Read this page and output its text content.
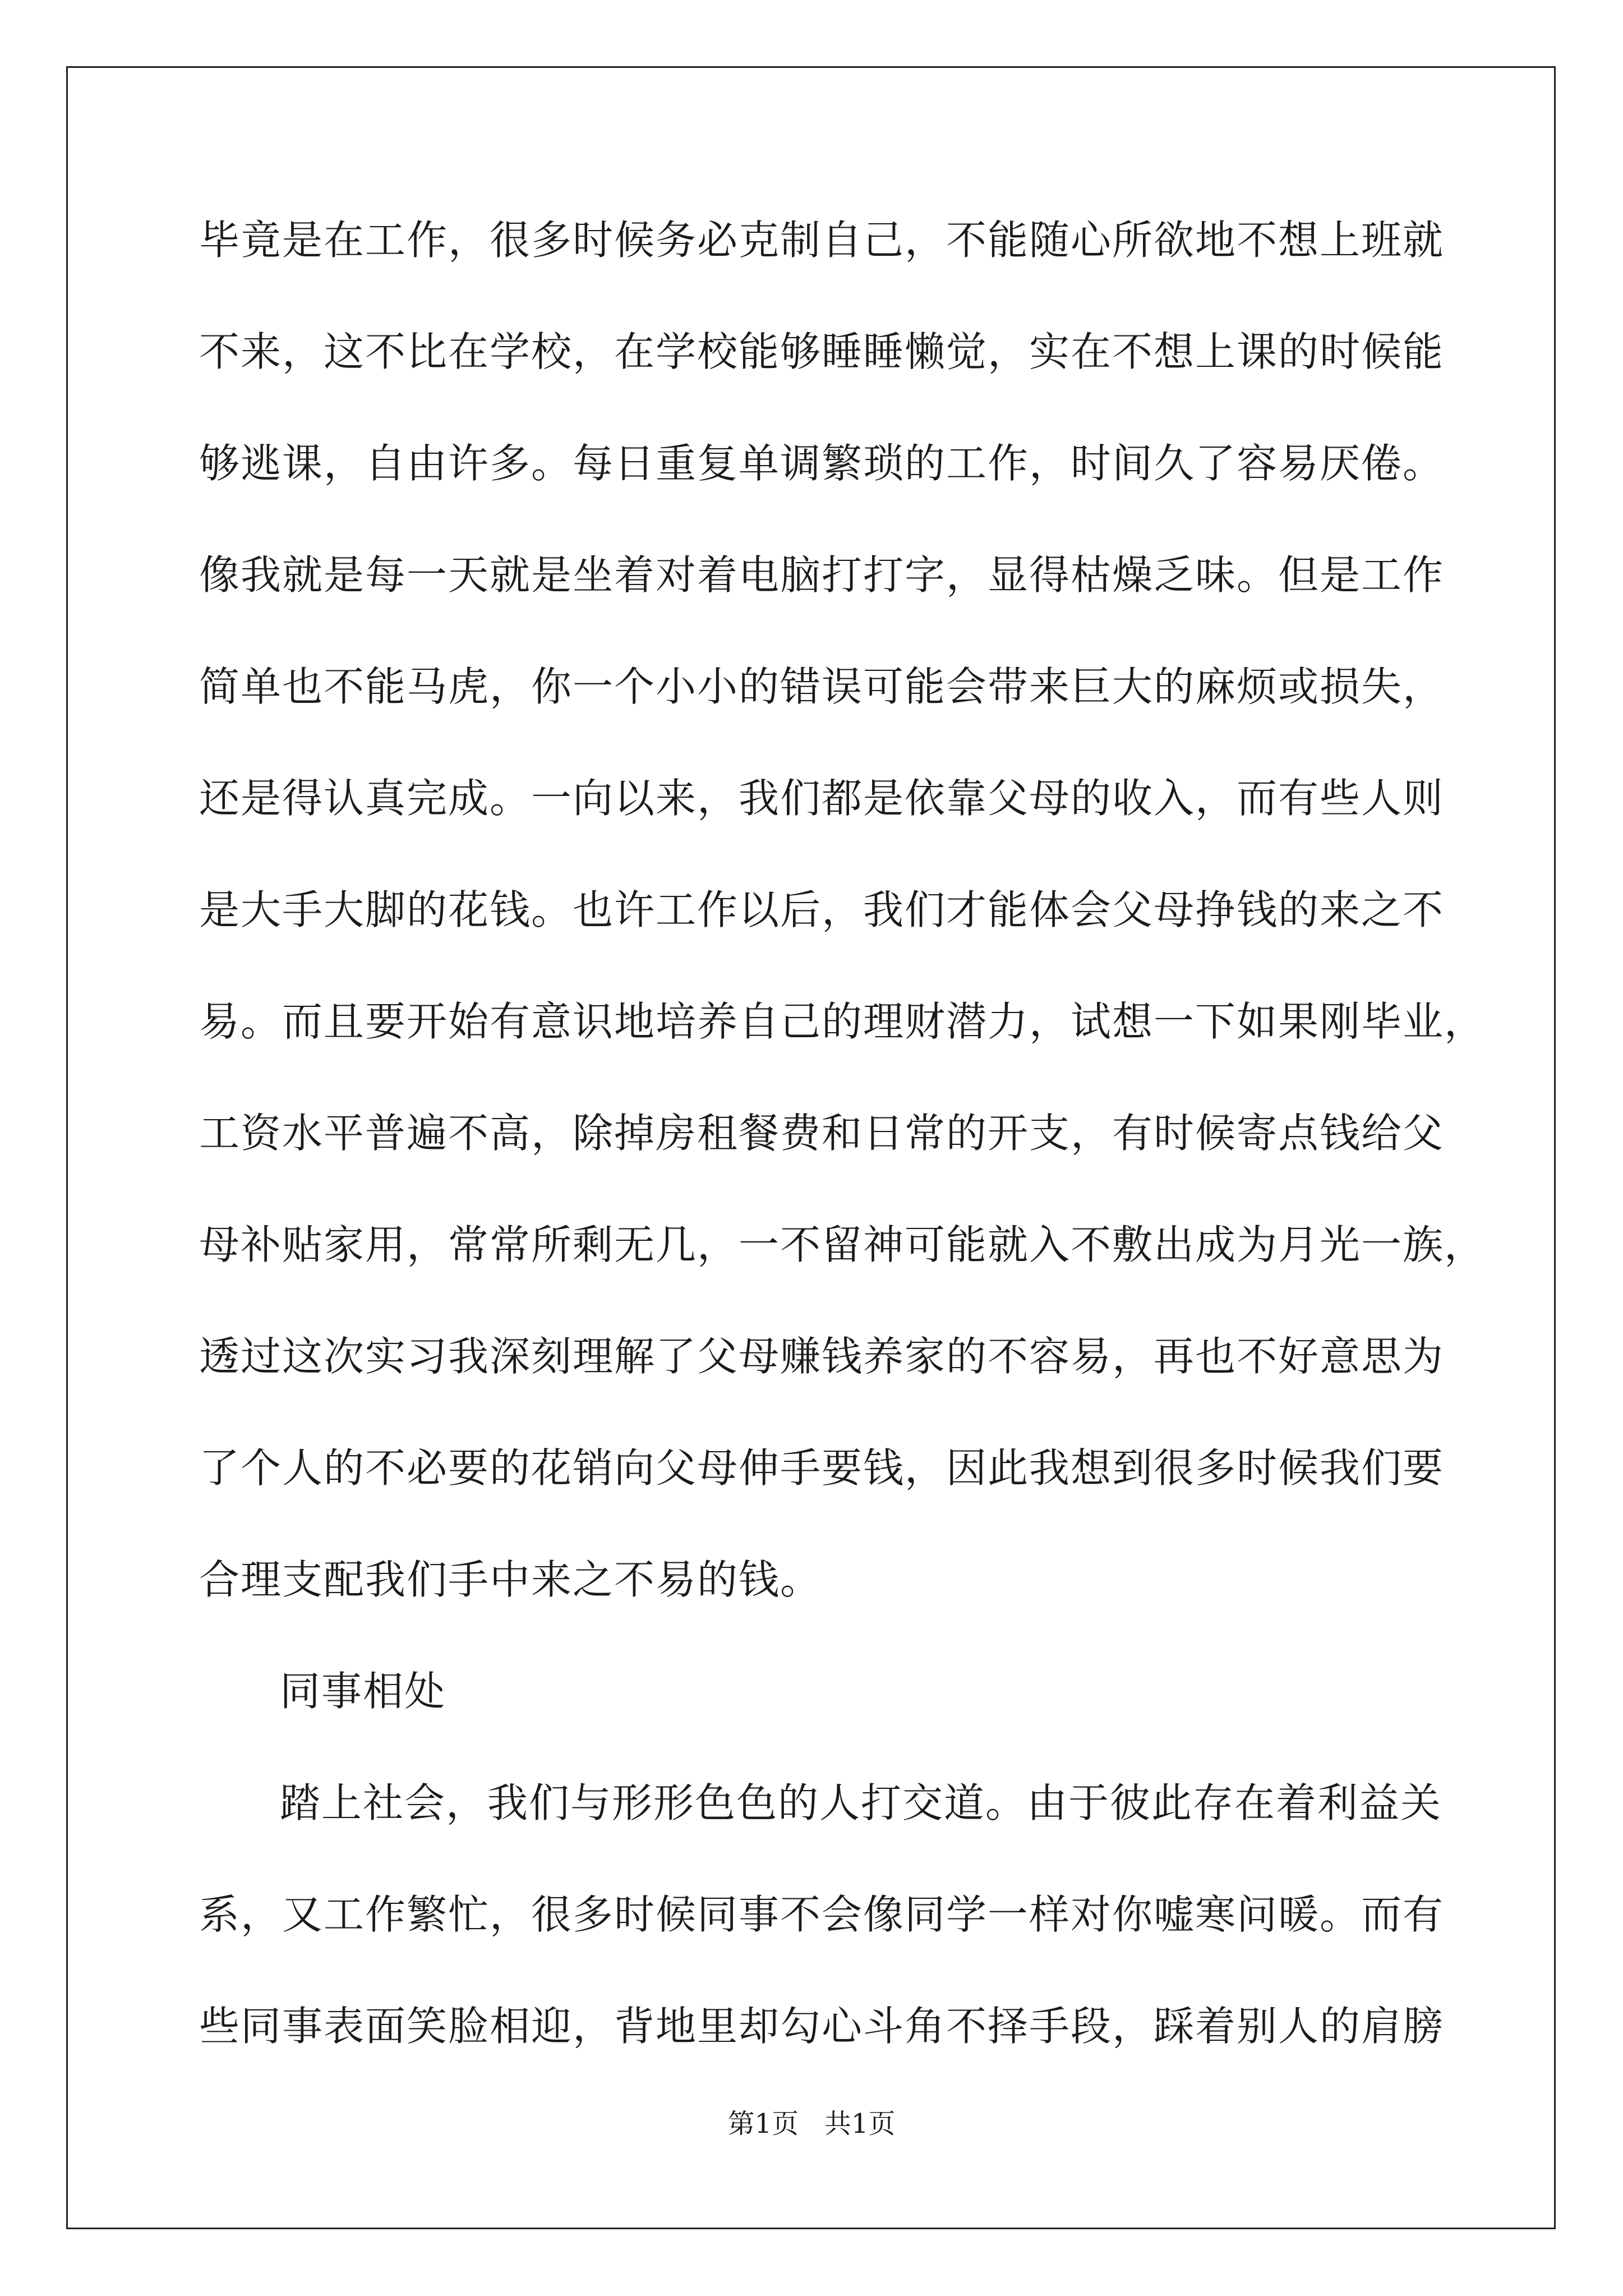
毕竟是在工作，很多时候务必克制自己，不能随心所欲地不想上班就
不来，这不比在学校，在学校能够睡睡懒觉，实在不想上课的时候能
够逃课，自由许多。每日重复单调繁琐的工作，时间久了容易厌倦。
像我就是每一天就是坐着对着电脑打打字，显得枯燥乏味。但是工作
简单也不能马虎，你一个小小的错误可能会带来巨大的麻烦或损失，
还是得认真完成。一向以来，我们都是依靠父母的收入，而有些人则
是大手大脚的花钱。也许工作以后，我们才能体会父母挣钱的来之不
易。而且要开始有意识地培养自己的理财潜力，试想一下如果刚毕业，
工资水平普遍不高，除掉房租餐费和日常的开支，有时候寄点钱给父
母补贴家用，常常所剩无几，一不留神可能就入不敷出成为月光一族，
透过这次实习我深刻理解了父母赚钱养家的不容易，再也不好意思为
了个人的不必要的花销向父母伸手要钱，因此我想到很多时候我们要
合理支配我们手中来之不易的钱。
同事相处
踏上社会，我们与形形色色的人打交道。由于彼此存在着利益关
系，又工作繁忙，很多时候同事不会像同学一样对你嘘寒问暖。而有
些同事表面笑脸相迎，背地里却勾心斗角不择手段，踩着别人的肩膀
第1页 共1页
